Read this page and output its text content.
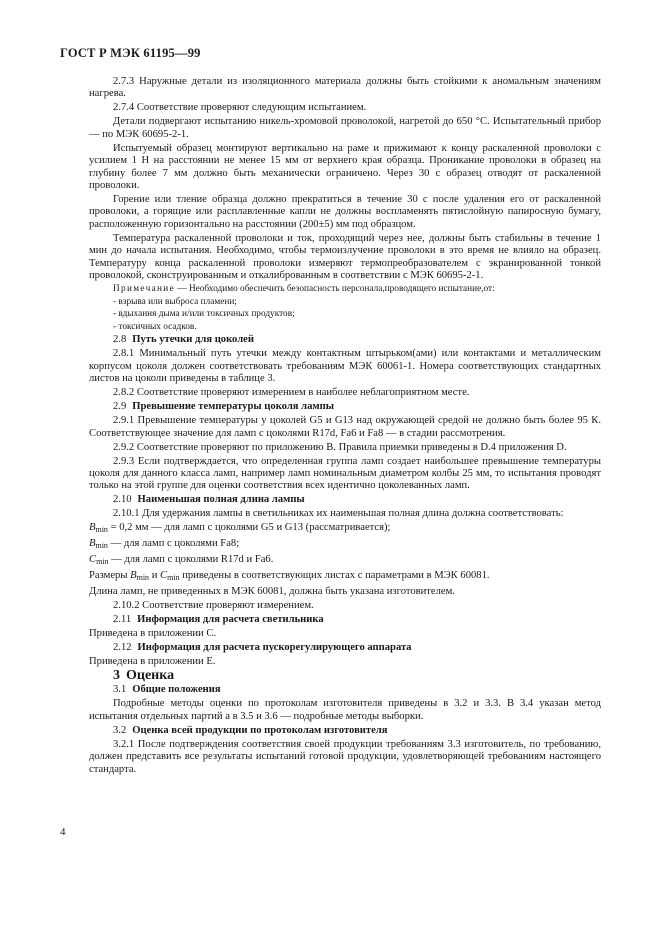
ГОСТ Р МЭК 61195—99

2.7.3 Наружные детали из изоляционного материала должны быть стойкими к аномальным значениям нагрева.

2.7.4 Соответствие проверяют следующим испытанием.

Детали подвергают испытанию никель-хромовой проволокой, нагретой до 650 °С. Испытательный прибор — по МЭК 60695-2-1.

Испытуемый образец монтируют вертикально на раме и прижимают к концу раскаленной проволоки с усилием 1 Н на расстоянии не менее 15 мм от верхнего края образца. Проникание проволоки в образец на глубину более 7 мм должно быть механически ограничено. Через 30 с образец отводят от раскаленной проволоки.

Горение или тление образца должно прекратиться в течение 30 с после удаления его от раскаленной проволоки, а горящие или расплавленные капли не должны воспламенять пятислойную папиросную бумагу, расположенную горизонтально на расстоянии (200±5) мм под образцом.

Температура раскаленной проволоки и ток, проходящий через нее, должны быть стабильны в течение 1 мин до начала испытания. Необходимо, чтобы термоизлучение проволоки в это время не влияло на образец. Температуру конца раскаленной проволоки измеряют термопреобразователем с экранированной тонкой проволокой, сконструированным и откалиброванным в соответствии с МЭК 60695-2-1.

Примечание — Необходимо обеспечить безопасность персонала,проводящего испытание,от:

- взрыва или выброса пламени;

- вдыхания дыма и/или токсичных продуктов;

- токсичных осадков.

2.8 Путь утечки для цоколей

2.8.1 Минимальный путь утечки между контактным штырьком(ами) или контактами и металлическим корпусом цоколя должен соответствовать требованиям МЭК 60061-1. Номера соответствующих стандартных листов на цоколи приведены в таблице 3.

2.8.2 Соответствие проверяют измерением в наиболее неблагоприятном месте.

2.9 Превышение температуры цоколя лампы

2.9.1 Превышение температуры у цоколей G5 и G13 над окружающей средой не должно быть более 95 К. Соответствующее значение для ламп с цоколями R17d, Fa6 и Fa8 — в стадии рассмотрения.

2.9.2 Соответствие проверяют по приложению В. Правила приемки приведены в D.4 приложения D.

2.9.3 Если подтверждается, что определенная группа ламп создает наибольшее превышение температуры цоколя для данного класса ламп, например ламп номинальным диаметром колбы 25 мм, то испытания проводят только на этой группе для оценки соответствия всех идентично цоколеванных ламп.

2.10 Наименьшая полная длина лампы

2.10.1 Для удержания лампы в светильниках их наименьшая полная длина должна соответствовать:

$B_{min} = 0,2$ мм — для ламп с цоколями G5 и G13 (рассматривается);

$B_{min}$ — для ламп с цоколями Fa8;

$C_{min}$ — для ламп с цоколями R17d и Fa6.

Размеры $B_{min}$ и $C_{min}$ приведены в соответствующих листах с параметрами в МЭК 60081.

Длина ламп, не приведенных в МЭК 60081, должна быть указана изготовителем.

2.10.2 Соответствие проверяют измерением.

2.11 Информация для расчета светильника

Приведена в приложении С.

2.12 Информация для расчета пускорегулирующего аппарата

Приведена в приложении Е.

3 Оценка

3.1 Общие положения

Подробные методы оценки по протоколам изготовителя приведены в 3.2 и 3.3. В 3.4 указан метод испытания отдельных партий а в 3.5 и 3.6 — подробные методы выборки.

3.2 Оценка всей продукции по протоколам изготовителя

3.2.1 После подтверждения соответствия своей продукции требованиям 3.3 изготовитель, по требованию, должен представить все результаты испытаний готовой продукции, удовлетворяющей требованиям настоящего стандарта.

4
